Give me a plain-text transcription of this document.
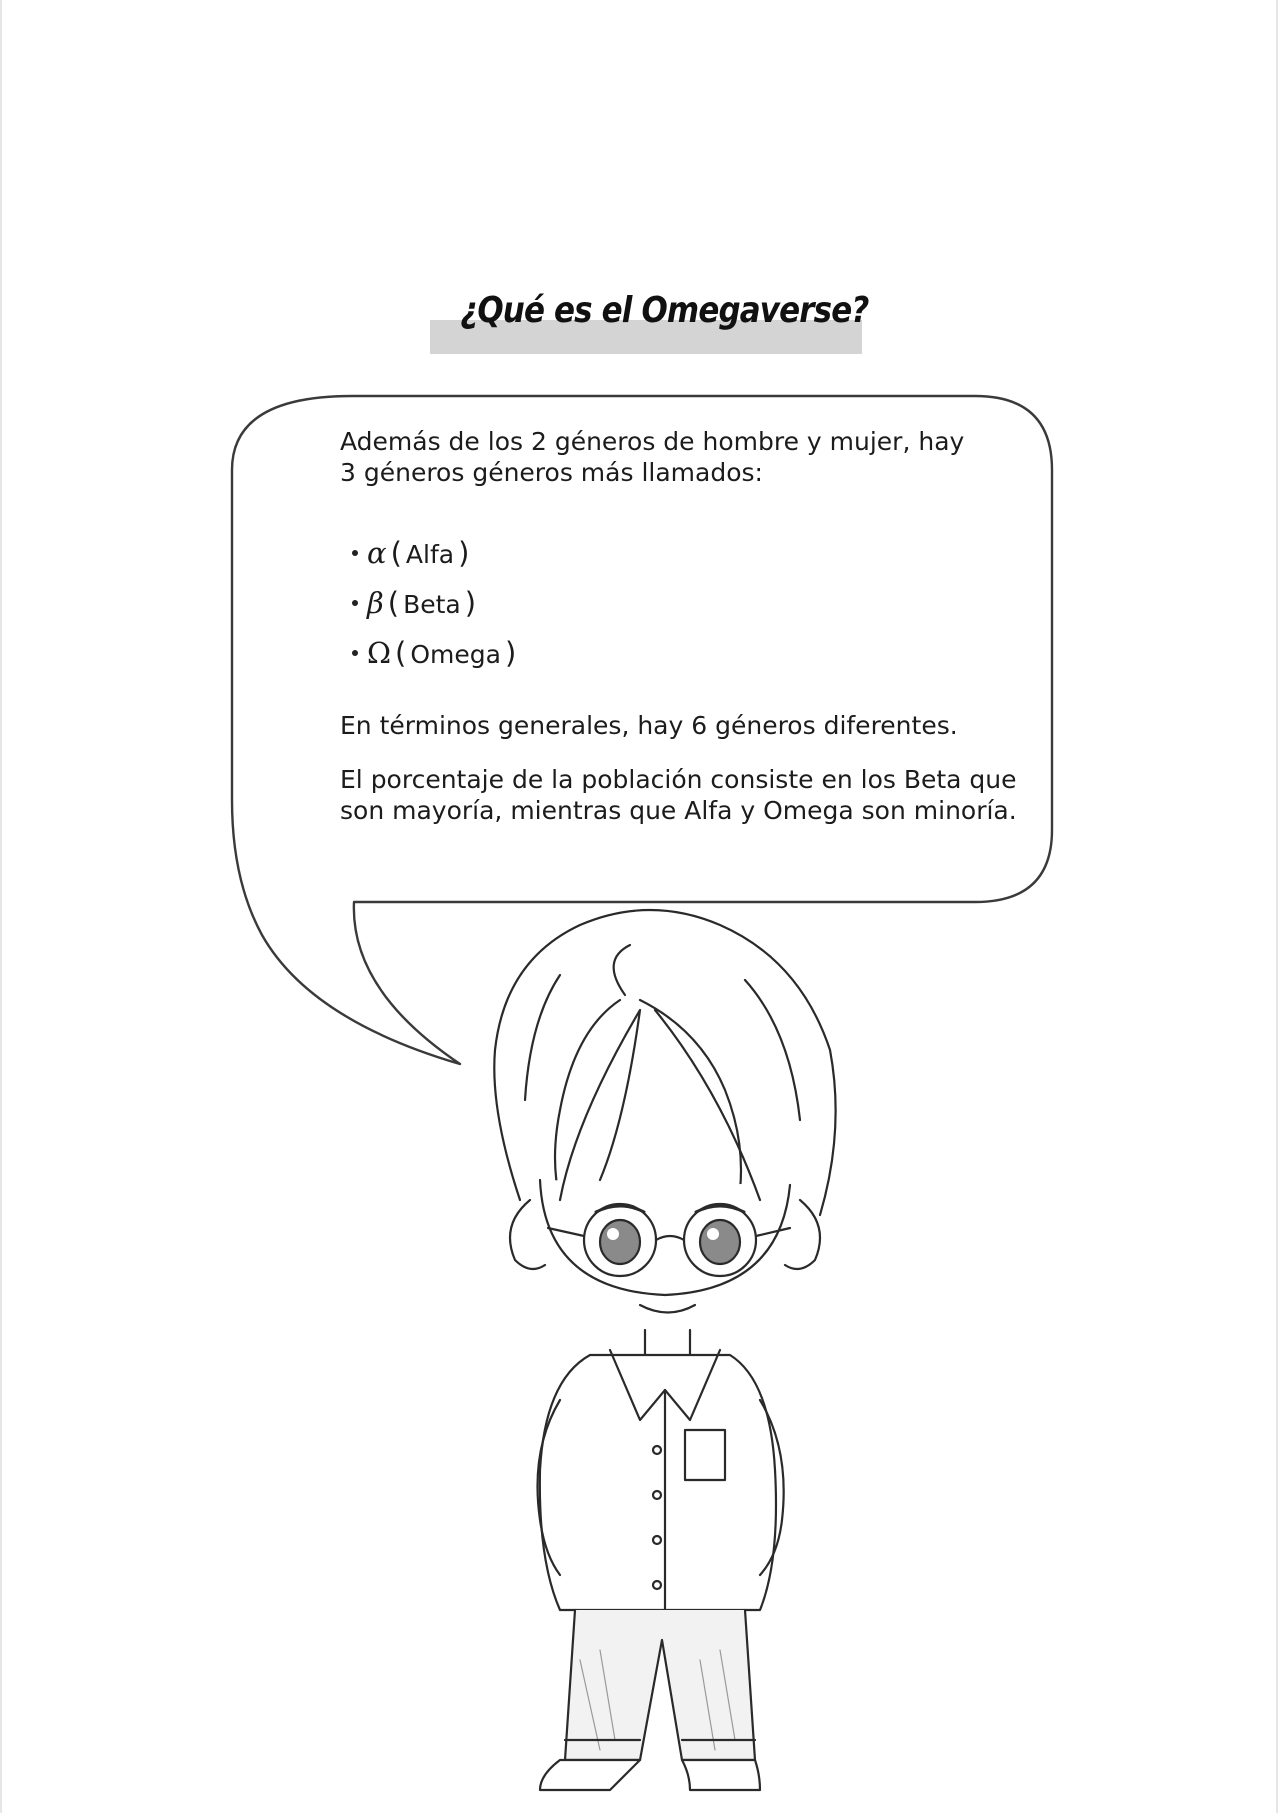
¿Qué es el Omegaverse?

Además de los 2 géneros de hombre y mujer, hay 3 géneros géneros más llamados:

α ( Alfa )
β ( Beta )
Ω ( Omega )

En términos generales, hay 6 géneros diferentes.

El porcentaje de la población consiste en los Beta que son mayoría, mientras que Alfa y Omega son minoría.
